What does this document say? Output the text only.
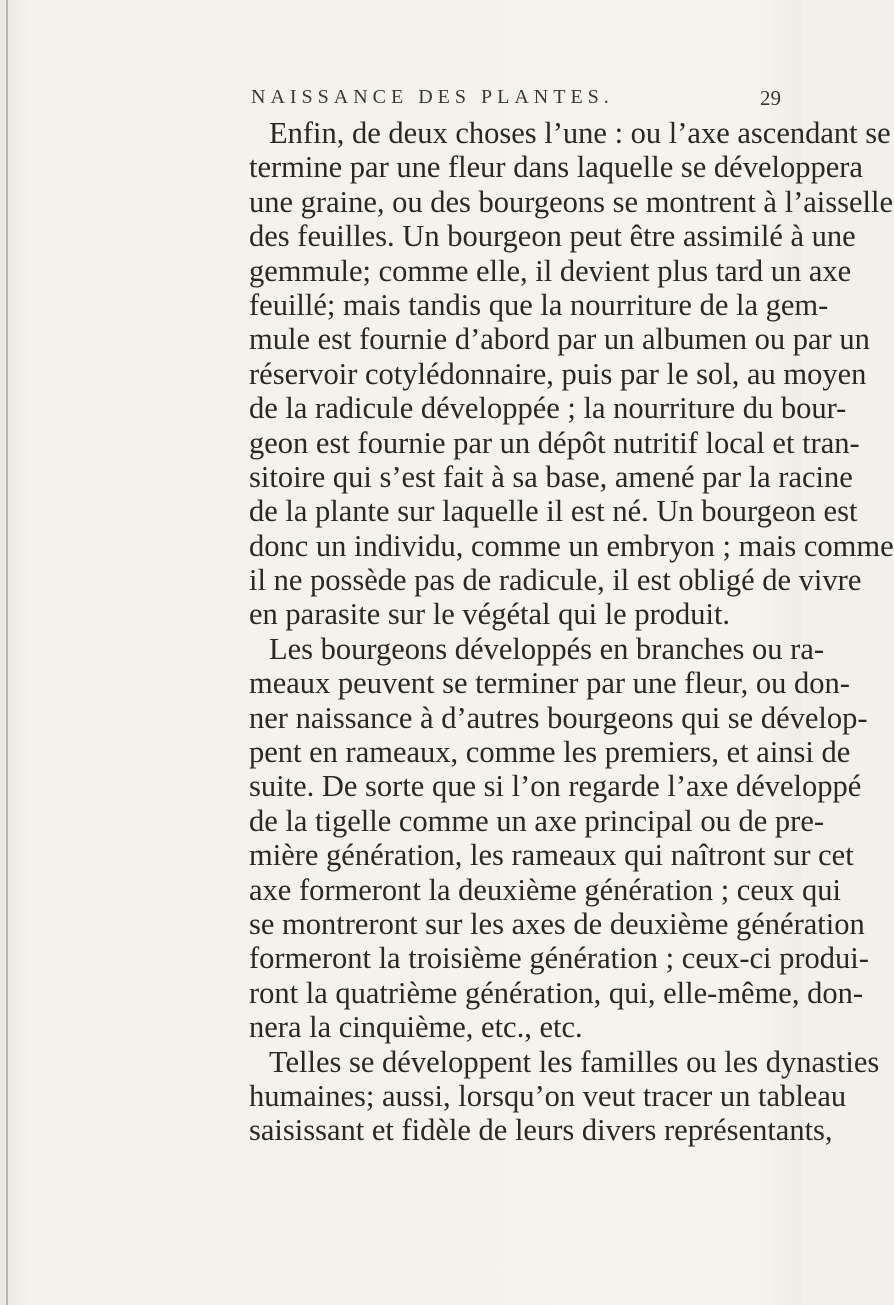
NAISSANCE DES PLANTES.	29
Enfin, de deux choses l’une : ou l’axe ascendant se
termine par une fleur dans laquelle se développera
une graine, ou des bourgeons se montrent à l’aisselle
des feuilles. Un bourgeon peut être assimilé à une
gemmule; comme elle, il devient plus tard un axe
feuillé; mais tandis que la nourriture de la gem-
mule est fournie d’abord par un albumen ou par un
réservoir cotylédonnaire, puis par le sol, au moyen
de la radicule développée ; la nourriture du bour-
geon est fournie par un dépôt nutritif local et tran-
sitoire qui s’est fait à sa base, amené par la racine
de la plante sur laquelle il est né. Un bourgeon est
donc un individu, comme un embryon ; mais comme
il ne possède pas de radicule, il est obligé de vivre
en parasite sur le végétal qui le produit.
Les bourgeons développés en branches ou ra-
meaux peuvent se terminer par une fleur, ou don-
ner naissance à d’autres bourgeons qui se dévelop-
pent en rameaux, comme les premiers, et ainsi de
suite. De sorte que si l’on regarde l’axe développé
de la tigelle comme un axe principal ou de pre-
mière génération, les rameaux qui naîtront sur cet
axe formeront la deuxième génération ; ceux qui
se montreront sur les axes de deuxième génération
formeront la troisième génération ; ceux-ci produi-
ront la quatrième génération, qui, elle-même, don-
nera la cinquième, etc., etc.
Telles se développent les familles ou les dynasties
humaines; aussi, lorsqu’on veut tracer un tableau
saisissant et fidèle de leurs divers représentants,
